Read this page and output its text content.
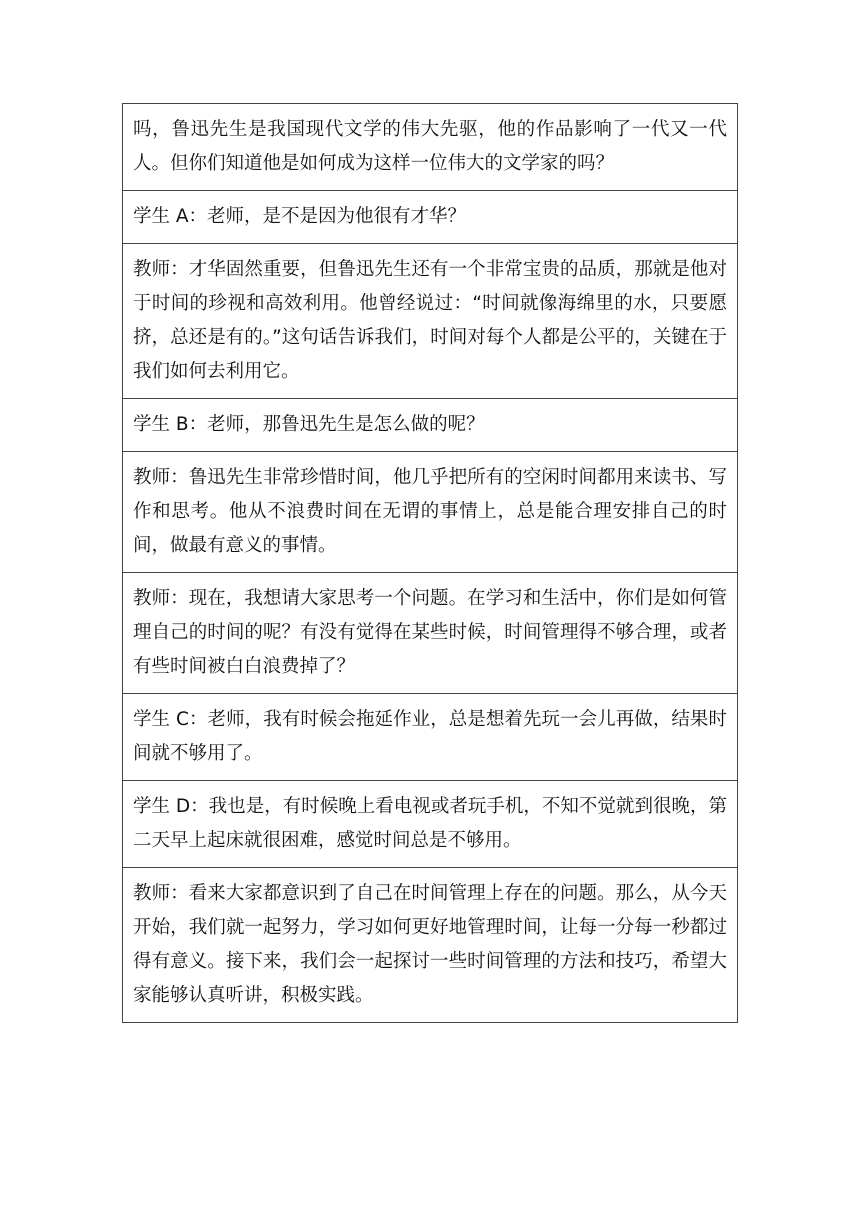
吗，鲁迅先生是我国现代文学的伟大先驱，他的作品影响了一代又一代人。但你们知道他是如何成为这样一位伟大的文学家的吗？
学生 A：老师，是不是因为他很有才华？
教师：才华固然重要，但鲁迅先生还有一个非常宝贵的品质，那就是他对于时间的珍视和高效利用。他曾经说过：“时间就像海绵里的水，只要愿挤，总还是有的。”这句话告诉我们，时间对每个人都是公平的，关键在于我们如何去利用它。
学生 B：老师，那鲁迅先生是怎么做的呢？
教师：鲁迅先生非常珍惜时间，他几乎把所有的空闲时间都用来读书、写作和思考。他从不浪费时间在无谓的事情上，总是能合理安排自己的时间，做最有意义的事情。
教师：现在，我想请大家思考一个问题。在学习和生活中，你们是如何管理自己的时间的呢？有没有觉得在某些时候，时间管理得不够合理，或者有些时间被白白浪费掉了？
学生 C：老师，我有时候会拖延作业，总是想着先玩一会儿再做，结果时间就不够用了。
学生 D：我也是，有时候晚上看电视或者玩手机，不知不觉就到很晚，第二天早上起床就很困难，感觉时间总是不够用。
教师：看来大家都意识到了自己在时间管理上存在的问题。那么，从今天开始，我们就一起努力，学习如何更好地管理时间，让每一分每一秒都过得有意义。接下来，我们会一起探讨一些时间管理的方法和技巧，希望大家能够认真听讲，积极实践。
